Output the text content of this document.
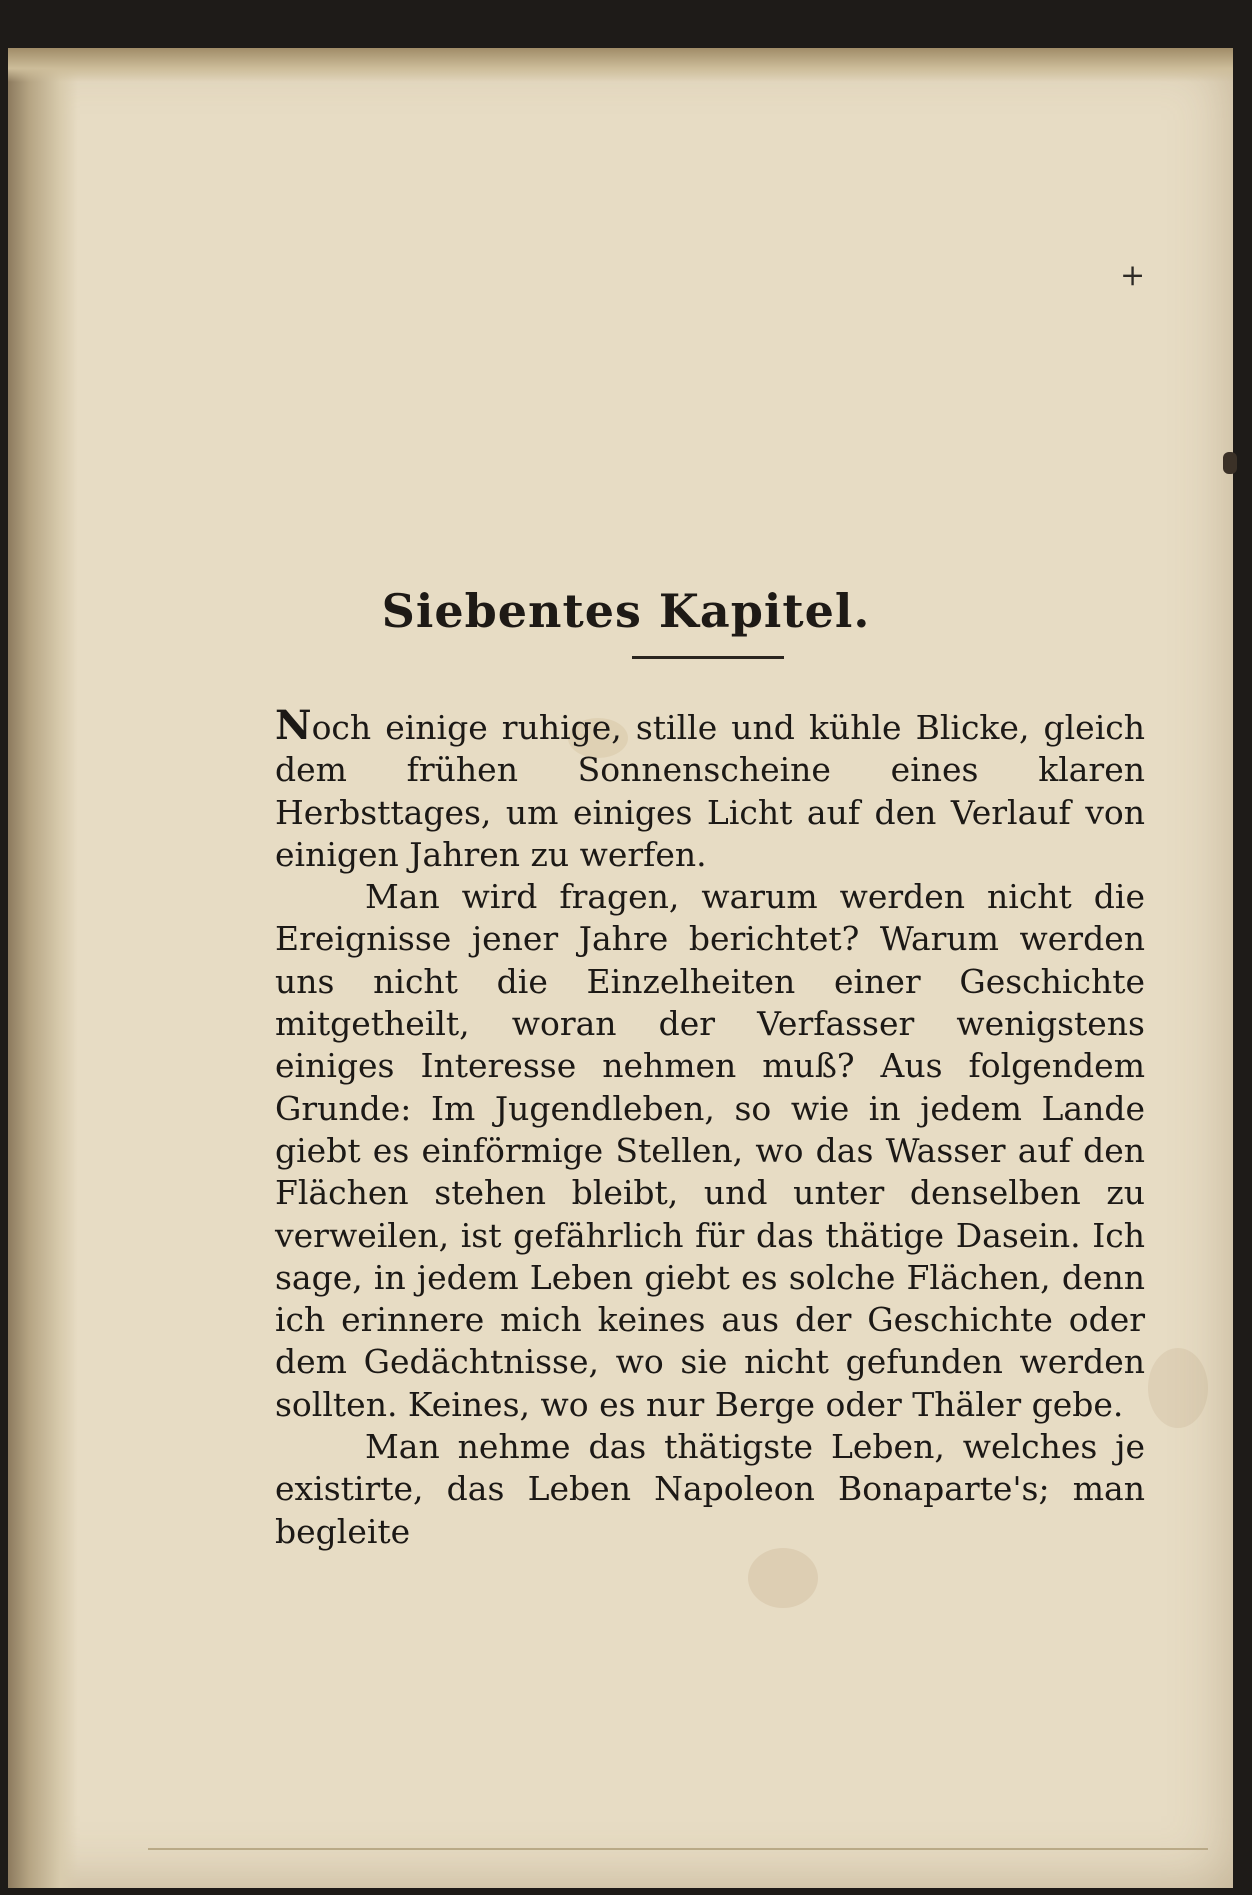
+
Siebentes Kapitel.

Noch einige ruhige, stille und kühle Blicke, gleich dem frühen Sonnenscheine eines klaren Herbsttages, um einiges Licht auf den Verlauf von einigen Jahren zu werfen.

Man wird fragen, warum werden nicht die Ereignisse jener Jahre berichtet? Warum werden uns nicht die Einzelheiten einer Geschichte mitgetheilt, woran der Verfasser wenigstens einiges Interesse nehmen muß? Aus folgendem Grunde: Im Jugendleben, so wie in jedem Lande giebt es einförmige Stellen, wo das Wasser auf den Flächen stehen bleibt, und unter denselben zu verweilen, ist gefährlich für das thätige Dasein. Ich sage, in jedem Leben giebt es solche Flächen, denn ich erinnere mich keines aus der Geschichte oder dem Gedächtnisse, wo sie nicht gefunden werden sollten. Keines, wo es nur Berge oder Thäler gebe.

Man nehme das thätigste Leben, welches je existirte, das Leben Napoleon Bonaparte's; man begleite
